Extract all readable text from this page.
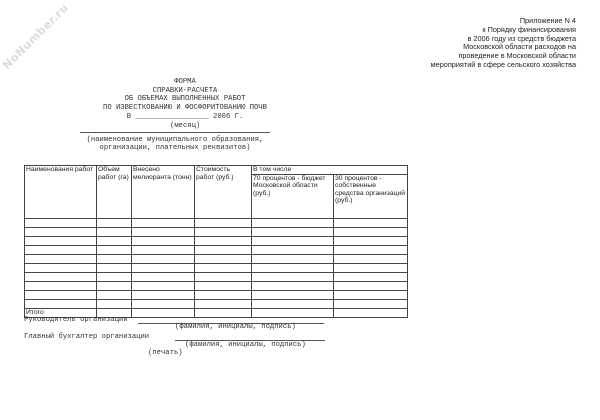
NoNumber.ru	Приложение N 4
к Порядку финансирования
в 2006 году из средств бюджета
Московской области расходов на
проведение в Московской области
мероприятий в сфере сельского хозяйства
ФОРМА
СПРАВКИ-РАСЧЕТА
ОБ ОБЪЕМАХ ВЫПОЛНЕННЫХ РАБОТ
ПО ИЗВЕСТКОВАНИЮ И ФОСФОРИТОВАНИЮ ПОЧВ
В _________________ 2006 Г.
(месяц)
(наименование муниципального образования,
организации, плательных реквизитов)
Наименования работ	Объем работ (га)	Внесено мелиоранта (тонн)	Стоимость работ (руб.)	В том числе	
				70 процентов - бюджет Московской области (руб.)	30 процентов - собственные средства организаций (руб.)

Итого					
Руководитель организации
(фамилия, инициалы, подпись)
Главный бухгалтер организации
(фамилия, инициалы, подпись)
(печать)
